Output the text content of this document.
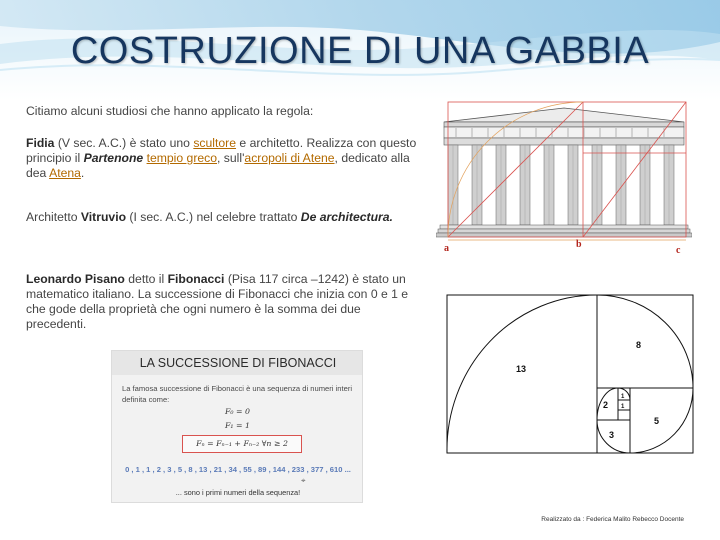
COSTRUZIONE DI UNA GABBIA

Citiamo alcuni studiosi che hanno applicato la regola:

Fidia (V sec. A.C.) è stato uno scultore e architetto. Realizza con questo principio il Partenone tempio greco, sull'acropoli di Atene, dedicato alla dea Atena.

Architetto Vitruvio (I sec. A.C.) nel celebre trattato De architectura.

Leonardo Pisano detto il Fibonacci (Pisa 117 circa –1242) è stato un matematico italiano. La successione di Fibonacci che inizia con 0 e 1 e che gode della proprietà che ogni numero è la somma dei due precedenti.

a	b
c
13
8
5
3
2
1
1
LA SUCCESSIONE DI FIBONACCI
La famosa successione di Fibonacci è una sequenza di numeri interi definita come:
F₀ = 0
F₁ = 1
Fₙ = Fₙ₋₁ + Fₙ₋₂ ∀n ≥ 2
0 , 1 , 1 , 2 , 3 , 5 , 8 , 13 , 21 , 34 , 55 , 89 , 144 , 233 , 377 , 610 ...
⌖
... sono i primi numeri della sequenza!
Realizzato da : Federica Malito Rebecco Docente
